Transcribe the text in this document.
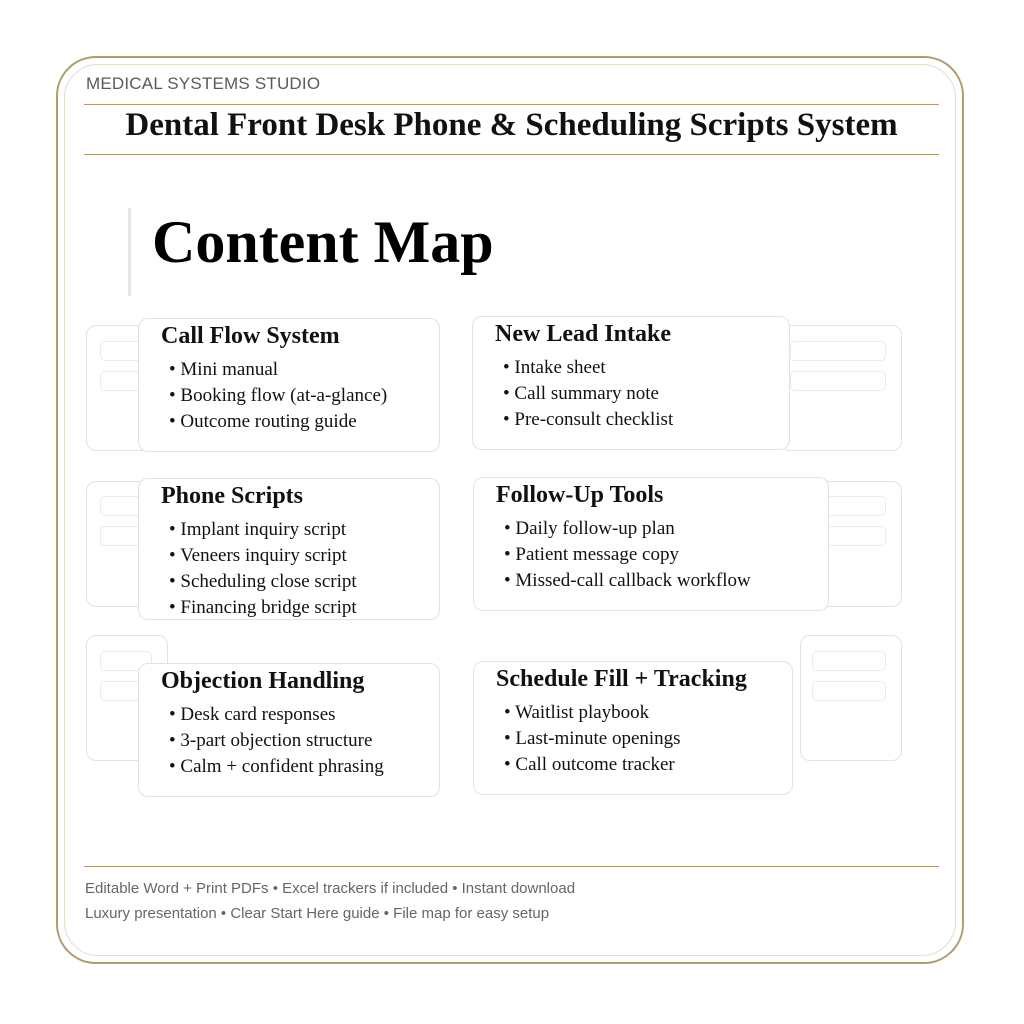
MEDICAL SYSTEMS STUDIO
Dental Front Desk Phone & Scheduling Scripts System
Content Map
Call Flow System
• Mini manual
• Booking flow (at-a-glance)
• Outcome routing guide
New Lead Intake
• Intake sheet
• Call summary note
• Pre-consult checklist
Phone Scripts
• Implant inquiry script
• Veneers inquiry script
• Scheduling close script
• Financing bridge script
Follow-Up Tools
• Daily follow-up plan
• Patient message copy
• Missed-call callback workflow
Objection Handling
• Desk card responses
• 3-part objection structure
• Calm + confident phrasing
Schedule Fill + Tracking
• Waitlist playbook
• Last-minute openings
• Call outcome tracker
Editable Word + Print PDFs • Excel trackers if included • Instant download
Luxury presentation • Clear Start Here guide • File map for easy setup
